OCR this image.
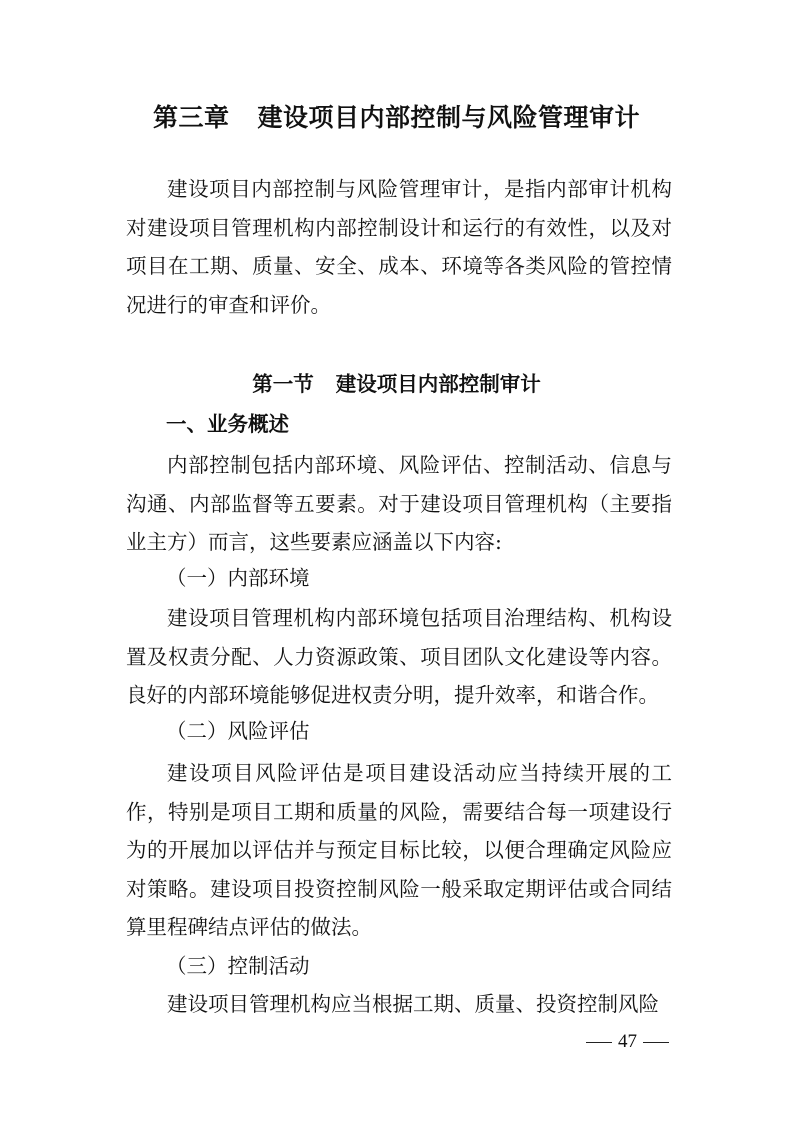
第三章 建设项目内部控制与风险管理审计

建设项目内部控制与风险管理审计，是指内部审计机构对建设项目管理机构内部控制设计和运行的有效性，以及对项目在工期、质量、安全、成本、环境等各类风险的管控情况进行的审查和评价。

第一节 建设项目内部控制审计
一、业务概述

内部控制包括内部环境、风险评估、控制活动、信息与沟通、内部监督等五要素。对于建设项目管理机构（主要指业主方）而言，这些要素应涵盖以下内容:

（一）内部环境

建设项目管理机构内部环境包括项目治理结构、机构设置及权责分配、人力资源政策、项目团队文化建设等内容。良好的内部环境能够促进权责分明，提升效率，和谐合作。

（二）风险评估

建设项目风险评估是项目建设活动应当持续开展的工作，特别是项目工期和质量的风险，需要结合每一项建设行为的开展加以评估并与预定目标比较，以便合理确定风险应对策略。建设项目投资控制风险一般采取定期评估或合同结算里程碑结点评估的做法。

（三）控制活动

建设项目管理机构应当根据工期、质量、投资控制风险

47
